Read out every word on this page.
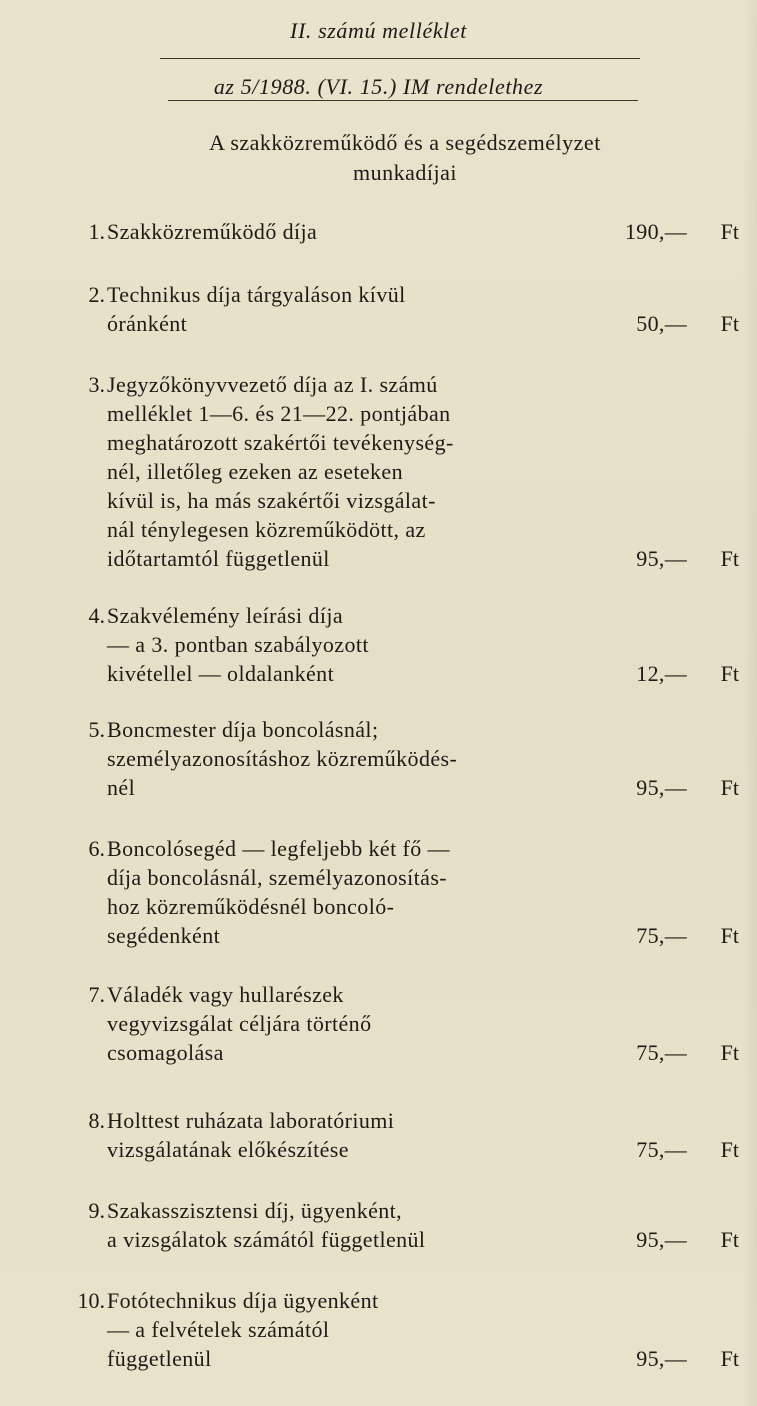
II. számú melléklet
az 5/1988. (VI. 15.) IM rendelethez
A szakközreműködő és a segédszemélyzet
munkadíjai
1. Szakközreműködő díja	190,— Ft
2. Technikus díja tárgyaláson kívül
óránként	50,— Ft
3. Jegyzőkönyvvezető díja az I. számú
melléklet 1—6. és 21—22. pontjában
meghatározott szakértői tevékenység-
nél, illetőleg ezeken az eseteken
kívül is, ha más szakértői vizsgálat-
nál ténylegesen közreműködött, az
időtartamtól függetlenül	95,— Ft
4. Szakvélemény leírási díja
— a 3. pontban szabályozott
kivétellel — oldalanként	12,— Ft
5. Boncmester díja boncolásnál;
személyazonosításhoz közreműködés-
nél	95,— Ft
6. Boncolósegéd — legfeljebb két fő —
díja boncolásnál, személyazonosítás-
hoz közreműködésnél boncoló-
segédenként	75,— Ft
7. Váladék vagy hullarészek
vegyvizsgálat céljára történő
csomagolása	75,— Ft
8. Holttest ruházata laboratóriumi
vizsgálatának előkészítése	75,— Ft
9. Szakasszisztensi díj, ügyenként,
a vizsgálatok számától függetlenül	95,— Ft
10. Fotótechnikus díja ügyenként
— a felvételek számától
függetlenül	95,— Ft
